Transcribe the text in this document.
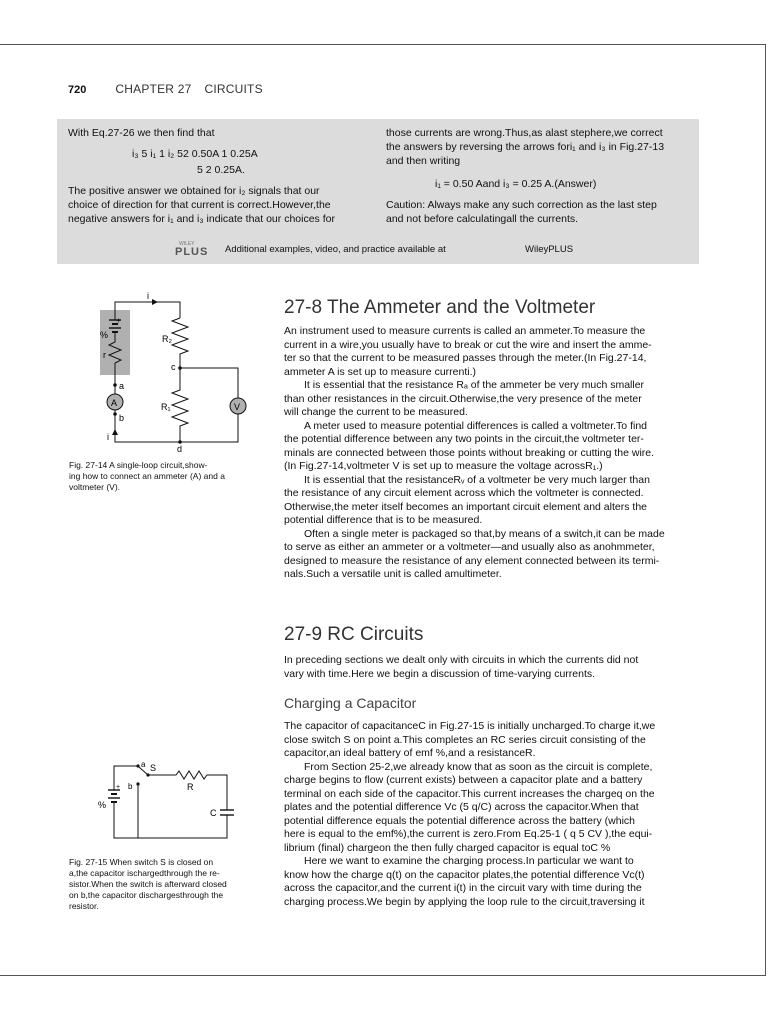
720 CHAPTER 27 CIRCUITS
With Eq.27-26 we then find that
i₃ 5 i₁ 1 i₂ 52 0.50A 1 0.25A
5 2 0.25A.
The positive answer we obtained for i₂ signals that our
choice of direction for that current is correct.However,the
negative answers for i₁ and i₃ indicate that our choices for
those currents are wrong.Thus,as alast stephere,we correct
the answers by reversing the arrows fori₁ and i₃ in Fig.27-13
and then writing
i₁ = 0.50 Aand i₃ = 0.25 A.(Answer)
Caution: Always make any such correction as the last step
and not before calculatingall the currents.
WILEY
PLUS Additional examples, video, and practice available at	WileyPLUS
i
%
+
r
R₂
c
a
A	R₁	V
b
i
d
Fig. 27-14 A single-loop circuit,show-
ing how to connect an ammeter (A) and a
voltmeter (V).
27-8 The Ammeter and the Voltmeter

An instrument used to measure currents is called an ammeter.To measure the

current in a wire,you usually have to break or cut the wire and insert the amme-

ter so that the current to be measured passes through the meter.(In Fig.27-14,

ammeter A is set up to measure currenti.)

It is essential that the resistance Rₐ of the ammeter be very much smaller

than other resistances in the circuit.Otherwise,the very presence of the meter

will change the current to be measured.

A meter used to measure potential differences is called a voltmeter.To find

the potential difference between any two points in the circuit,the voltmeter ter-

minals are connected between those points without breaking or cutting the wire.

(In Fig.27-14,voltmeter V is set up to measure the voltage acrossR₁.)

It is essential that the resistanceRᵥ of a voltmeter be very much larger than

the resistance of any circuit element across which the voltmeter is connected.

Otherwise,the meter itself becomes an important circuit element and alters the

potential difference that is to be measured.

Often a single meter is packaged so that,by means of a switch,it can be made

to serve as either an ammeter or a voltmeter—and usually also as anohmmeter,

designed to measure the resistance of any element connected between its termi-

nals.Such a versatile unit is called amultimeter.

27-9 RC Circuits

In preceding sections we dealt only with circuits in which the currents did not

vary with time.Here we begin a discussion of time-varying currents.

Charging a Capacitor

The capacitor of capacitanceC in Fig.27-15 is initially uncharged.To charge it,we

close switch S on point a.This completes an RC series circuit consisting of the

capacitor,an ideal battery of emf %,and a resistanceR.

From Section 25-2,we already know that as soon as the circuit is complete,

charge begins to flow (current exists) between a capacitor plate and a battery

terminal on each side of the capacitor.This current increases the chargeq on the

plates and the potential difference Vᴄ (5 q/C) across the capacitor.When that

potential difference equals the potential difference across the battery (which

here is equal to the emf%),the current is zero.From Eq.25-1 ( q 5 CV ),the equi-

librium (final) chargeon the then fully charged capacitor is equal toC %

Here we want to examine the charging process.In particular we want to

know how the charge q(t) on the capacitor plates,the potential difference Vᴄ(t)

across the capacitor,and the current i(t) in the circuit vary with time during the

charging process.We begin by applying the loop rule to the circuit,traversing it

a S
b	R
C
%
+
Fig. 27-15 When switch S is closed on
a,the capacitor ischargedthrough the re-
sistor.When the switch is afterward closed
on b,the capacitor dischargesthrough the
resistor.
